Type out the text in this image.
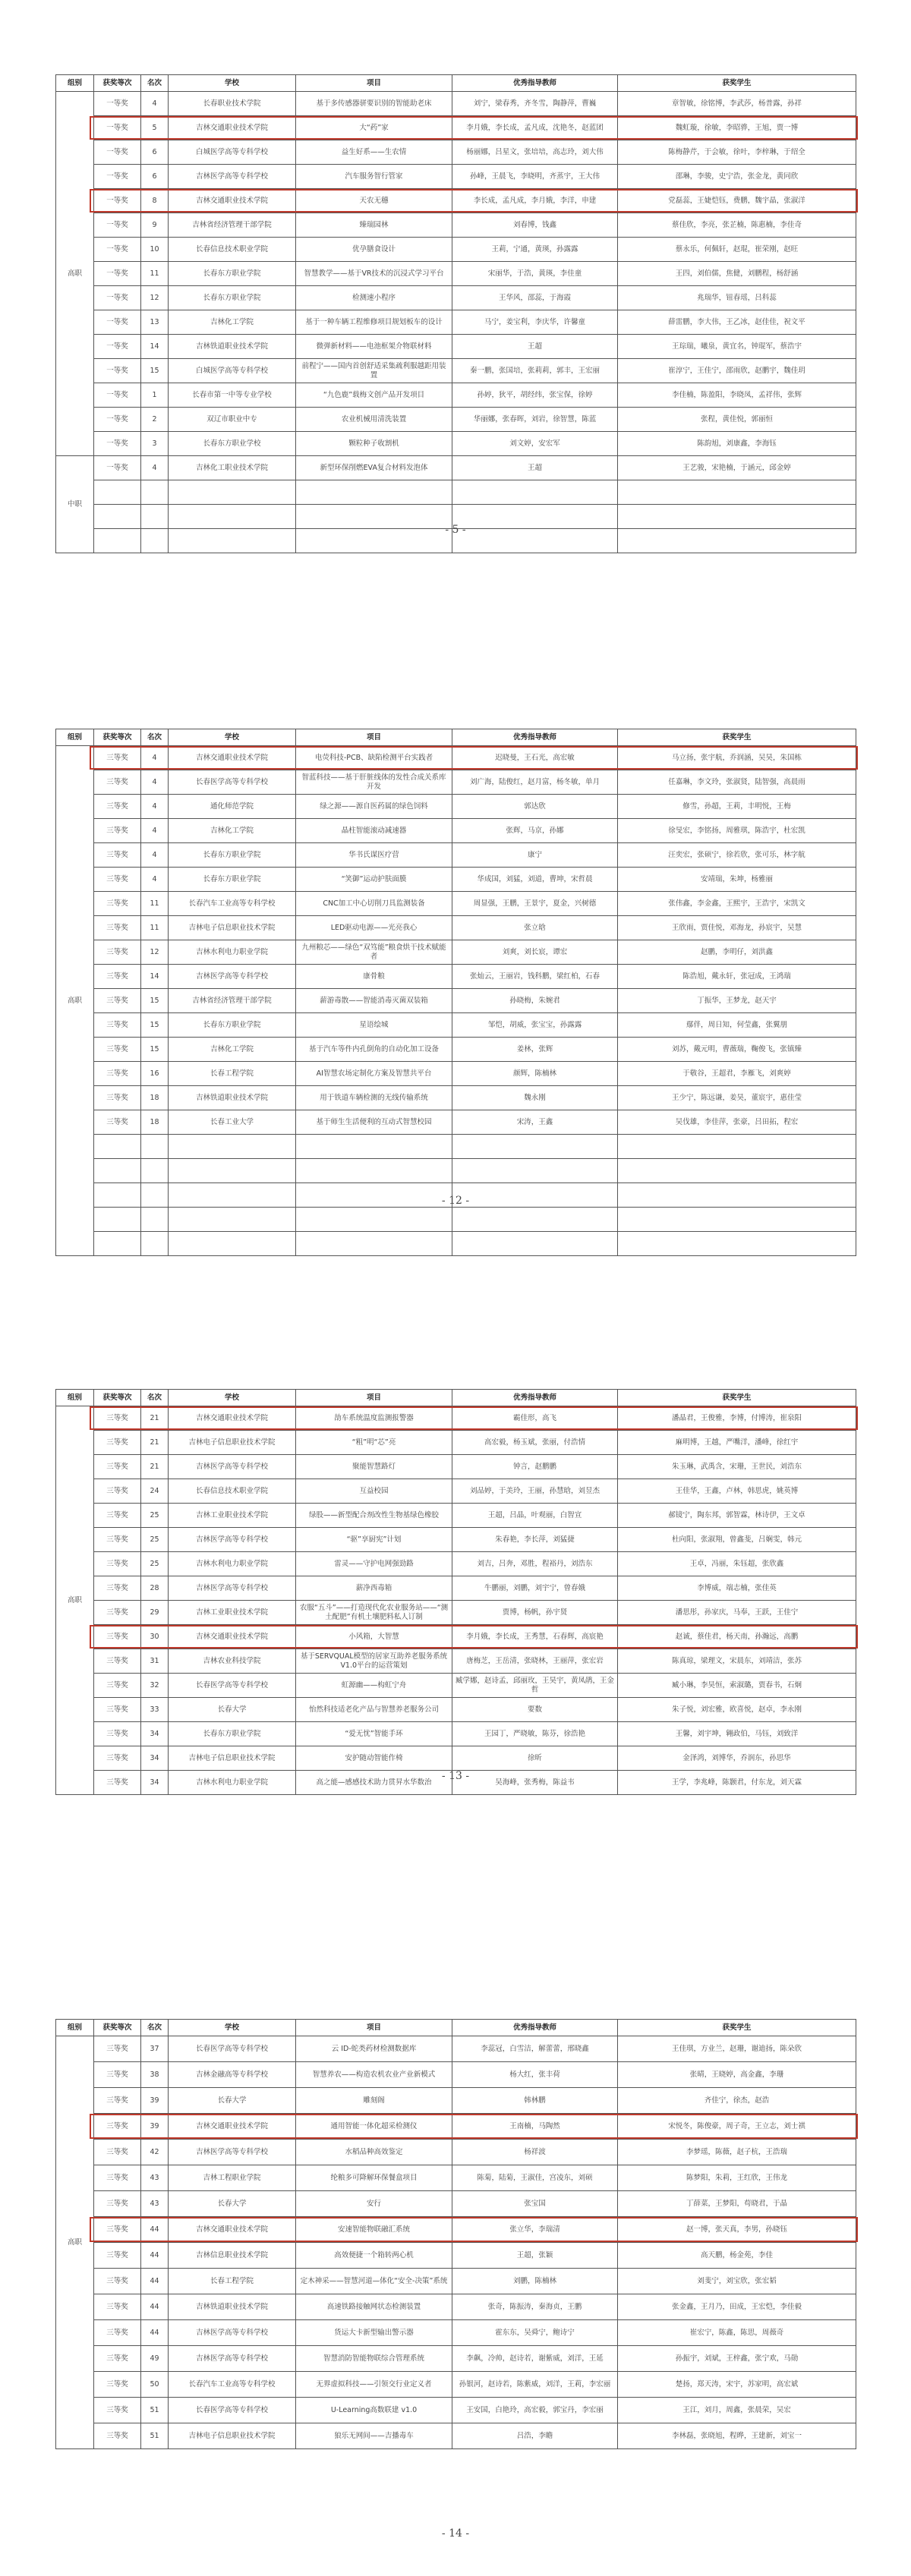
组别	获奖等次	名次	学校	项目	优秀指导教师	获奖学生
高职	一等奖	4	长春职业技术学院	基于多传感器骈要识别的智能助老床	刘宁，梁春秀，齐冬雪，陶静萍，曹巍	章智敏，徐铭博，李武莎，杨普露，孙祥
	一等奖	5	吉林交通职业技术学院	大“药”家	李月娥，李长成，孟凡成，沈艳冬，赵蓝团	魏虹璇，徐敏，李昭骅，王旭，贾一博
	一等奖	6	白城医学高等专科学校	益生好系——生农情	杨丽娜，吕星文，张培培，高志玲，刘大伟	陈梅静芹，于会敏，徐叶，李梓琳，于绍全
	一等奖	6	吉林医学高等专科学校	汽车服务智行管家	孙峰，王晨飞，李晓明，齐蒸宇，王大伟	邵琳，李骏，史宁浩，张金龙，黄同欣
	一等奖	8	吉林交通职业技术学院	天农无穗	李长成，孟凡成，李月娥，李洋，申建	党磊蕊，王婕恺钰，费鹏，魏宇晶，张淑洋
	一等奖	9	吉林省经济管理干部学院	臻瑞园林	刘春博，钱鑫	蔡佳欣，李亮，张芷楠，陈惠楠，李佳奇
	一等奖	10	长春信息技术职业学院	优孕膳食设计	王莉，宁通，黄瑛，孙露露	蔡永乐，何佩轩，赵琨，崔荣刚，赵旺
	一等奖	11	长春东方职业学院	智慧教学——基于VR技术的沉浸式学习平台	宋丽华，于浩，黄瑛，李佳童	王四，刘伯儒，焦健，刘鹏程，杨舒涵
	一等奖	12	长春东方职业学院	检测速小程序	王华风，邵蕊，于海霞	兆瑞华，钮春瑶，吕科蕊
	一等奖	13	吉林化工学院	基于一种车辆工程维修项目规划板车的设计	马宁，姜宝利，李庆华，许馨童	薛雷鹏，李大伟，王乙冰，赵佳佳，祝文平
	一等奖	14	吉林铁道职业技术学院	微弹新材料——电池框架介物联材料	王超	王琮瑞，曦泉，黄宜名，钟琨军，蔡浩宇
	一等奖	15	白城医学高等专科学校	前程宁——国内首创舒适采集疏利服越距用装置	秦一鹏，张国培，张莉莉，郭丰，王宏丽	崔淳宁，王佳宁，邵雨欣，赵鹏宇，魏佳玥
	一等奖	1	长春市第一中等专业学校	“九色鹿”载梅文创产品开发项目	孙婷，狄平，胡经纬，张宝保，徐婷	李佳楠，陈盈阳，李晓凤，孟祥伟，张辉
	一等奖	2	双辽市职业中专	农业机械用清洗装置	华丽娜，张春晖，刘岩，徐智慧，陈蓝	张程，黄佳悦，郭丽恒
	一等奖	3	长春东方职业学校	颗粒种子收割机	刘文婷，安宏军	陈韵旭，刘康鑫，李海钰
中职	一等奖	4	吉林化工职业技术学院	新型环保削燃EVA复合材料发泡体	王超	王艺骏，宋艳楠，于涵元，邱金婷

- 5 -
组别	获奖等次	名次	学校	项目	优秀指导教师	获奖学生
高职	三等奖	4	吉林交通职业技术学院	电荧科技-PCB、缺陷检测平台实践者	迟晓曼，王石光，高宏敏	马立扬，张宇航，乔润涵，吴昊，朱国栋
	三等奖	4	长春医学高等专科学校	智蓝科技——基于肝脏线体的发性合成关系库开发	刘广海，陆俊红，赵月富，杨冬敏，单月	任嘉琳，李文玲，张淑贤，陆智强，高晨雨
	三等奖	4	通化师范学院	绿之源——源自医药属的绿色饲料	郭达欣	修雪，孙超，王莉，丰明悦，王梅
	三等奖	4	吉林化工学院	晶柱智能滚动减速器	张辉，马京，孙娜	徐旻宏，李铭扬，周雅琪，陈浩宇，杜宏凯
	三等奖	4	长春东方职业学院	华书氏谋医疗营	康宁	汪奕宏，张硕宁，徐若欣，张可乐，林字航
	三等奖	4	长春东方职业学院	“笑御”运动护肤面膜	华成国，刘猛，刘道，曹坤，宋哲晨	安靖瑞，朱坤，杨雅丽
	三等奖	11	长春汽车工业高等专科学校	CNC加工中心切削刀具监测装备	周显强，王鹏，王景宇，夏金，兴树德	张伟鑫，李金鑫，王熙宇，王浩宇，宋凯文
	三等奖	11	吉林电子信息职业技术学院	LED驱动电源——光亮我心	张立晗	王欣雨，贾佳悦，邓海龙，孙宸宇，吴慧
	三等奖	12	吉林水利电力职业学院	九州粮芯——绿色“双笃能”粮食烘干技术赋能者	刘爽，刘长宸，谭宏	赵鹏，李明仔，刘洪鑫
	三等奖	14	吉林医学高等专科学校	康骨粮	张灿云，王丽岩，钱科鹏，梁红柏，石春	陈浩旭，戴永轩，张冠成，王鸿瑞
	三等奖	15	吉林省经济管理干部学院	薪游毒散——智能消毒灭菌双装箱	孙晓梅，朱婉君	丁振华，王梦龙，赵天宇
	三等奖	15	长春东方职业学院	星语绘城	邹恺，胡威，张宝宝，孙露露	鄢伴，周日知，何莹鑫，张翼朋
	三等奖	15	吉林化工学院	基于汽车等件内孔倒角的自动化加工设备	姜林，张辉	刘苏，戴元明，曹薇瑞，鞠俊飞，张镇臻
	三等奖	16	长春工程学院	AI智慧农场定制化方案及智慧共平台	颜辉，陈楠林	于敬谷，王超君，李雁飞，刘爽婷
	三等奖	18	吉林铁道职业技术学院	用于铁道车辆检测的无线传输系统	魏永刚	王少宁，陈远谦，姜昊，董宸宇，惠佳莹
	三等奖	18	长春工业大学	基于师生生活便利的互动式智慧校园	宋涛，王鑫	吴伐雄，李佳萍，张豪，吕田拓，程宏

- 12 -
组别	获奖等次	名次	学校	项目	优秀指导教师	获奖学生
高职	三等奖	21	吉林交通职业技术学院	劼车系统温度监测报警器	霸佳形，高飞	潘晶君，王俊雅，李博，付博涛，崔泉阳
	三等奖	21	吉林电子信息职业技术学院	“粗”明“芯”亮	高宏毅，杨玉斌，张丽，付浩情	麻明博，王越，严嘴洋，潘峰，徐红宇
	三等奖	21	吉林医学高等专科学校	聚能智慧路灯	钟言，赵鹏鹏	朱玉琳，武禹含，宋珊，王世民，刘浩东
	三等奖	24	长春信息技术职业学院	互益校园	刘品婷，于美玲，王丽，孙慧晗，刘昱杰	王佳华，王鑫，卢林，韩思虎，姚英博
	三等奖	25	吉林工业职业技术学院	绿股——新型配合剂改性生物基绿色橡胶	王超，吕晶，叶观丽，白智宣	郝镜宁，陶东邦，郭智霖，林诗伊，王文卓
	三等奖	25	吉林医学高等专科学校	“驱”享厨宪”计划	朱春艳，李长萍，刘猛捷	杜向阳，张淑翔，曾鑫斐，吕娴雯，韩元
	三等奖	25	吉林水利电力职业学院	雷灵——守护电网强勁路	刘吉，吕奔，邓胜，程裕丹，刘浩东	王卓，冯丽，朱钰超，张欣鑫
	三等奖	28	吉林医学高等专科学校	薪净西毒箱	牛鹏丽，刘鹏，刘宇宁，曾春娥	李博威，端志楠，张佳英
	三等奖	29	吉林工业职业技术学院	农服“五斗”——打造现代化农业服务站——“测土配肥”有机土壤肥料私人订制	贾博，杨帆，孙宇贤	潘思彤，孙家庆，马奉，王跃，王佳宁
	三等奖	30	吉林交通职业技术学院	小风箱，大智慧	李月娥，李长成，王秀慧，石春辉，高宸艳	赵诚，蔡佳君，杨天南，孙瀚远，高鹏
	三等奖	31	吉林农业科技学院	基于SERVQUAL模型的居家互助养老服务系统V1.0平台的运营策划	唐梅芝，王岳清，张晓林，王丽萍，张宏岩	陈真琼，梁理文，宋晨东，刘靖洁，张苏
	三等奖	32	长春医学高等专科学校	虹源幽——构虹宁舟	臧学娜，赵诗孟，邱丽玫，王昊宇，黄凤鹃，王金哲	臧小琳，李昊恒，索淑璐，贾春书，石炯
	三等奖	33	长春大学	怡然科技适老化产品与智慧养老服务公司	要数	朱子悦，刘宏雅，欧喜悦，赵卓，李永刚
	三等奖	34	长春东方职业学院	“爱无忧”智能手环	王园丁，严晓敏，陈芬，徐浩艳	王馨，刘宇坤，翱政伯，马钰，刘致洋
	三等奖	34	吉林电子信息职业技术学院	安护随动智能作椅	徐昕	金泽鸿，刘博华，乔润东，孙思华
	三等奖	34	吉林水利电力职业学院	高之能—感感技术助力贯昇水华数治	吴海峰，张秀梅，陈益韦	王学，李兆峰，陈颢君，付东龙，刘天霖
- 13 -
组别	获奖等次	名次	学校	项目	优秀指导教师	获奖学生
高职	三等奖	37	长春医学高等专科学校	云 ID-蛇类药材检测数据库	李蕊冠，白雪洁，解蕾蕾，邢晓鑫	王佳琪，方业兰，赵珊，谢迪扬，陈朵欣
	三等奖	38	吉林金融高等专科学校	智慧养农——构造农机农业产业新模式	杨大红，张丰荷	张晴，王晓婷，高金鑫，李珊
	三等奖	39	长春大学	雕刻阁	韩林鹏	齐佳宁，徐杰，赵浩
	三等奖	39	吉林交通职业技术学院	通用智能一体化超采检测仪	王南楠，马陶然	宋悦冬，陈俊豪，周子奇，王立志，刘士祺
	三等奖	42	吉林医学高等专科学校	水稻品种高效鉴定	杨祥波	李梦瑶，陈薇，赵子杭，王浩瑞
	三等奖	43	吉林工程职业学院	纶粮多可降解环保餐盒项目	陈菊，陆菊，王淑佳，宫凌东，刘硕	陈梦阳，朱莉，王红欣，王伟龙
	三等奖	43	长春大学	安行	张宝国	丁薛菜，王梦阳，苟晓君，于晶
	三等奖	44	吉林交通职业技术学院	安速智能物联融汇系统	张立华，李瑞清	赵一博，张天真，李男，孙晓钰
	三等奖	44	吉林信息职业技术学院	高效便捷一个箱转两心机	王超，张颖	高天鹏，杨金苑，李佳
	三等奖	44	长春工程学院	定木神采——智慧河道—体化“安全-决策”系统	刘鹏，陈楠林	刘斐宁，刘宝欣，张宏韬
	三等奖	44	吉林铁道职业技术学院	高速铁路接触网状态检测装置	张奇，陈振涛，秦海贞，王鹏	张金鑫，王月乃，田成，王宏恺，李佳毅
	三等奖	44	吉林医学高等专科学校	货运大卡新型输出警示器	霍东东，吴舜宁，鲍诗宁	崔宏宁，陈鑫，陈思，周薇奇
	三等奖	49	吉林医学高等专科学校	智慧消防智能物联综合管理系统	李飙，冷帅，赵诗若，谢紫威，刘洋，王延	孙振宇，刘斌，王梓鑫，张宁欢，马勋
	三等奖	50	长春汽车工业高等专科学校	无界虚拟科技——引领交行业定义者	孙银河，赵诗若，陈紫威，刘洋，王莉，李宏丽	楚扬，郑天涛，宋宇，苏家明，高宏斌
	三等奖	51	长春医学高等专科学校	U-Learning高数联建 v1.0	王安国，白艳玲，高宏毅，郭宝丹，李宏丽	王江，刘月，周鑫，张晨荣，吴宏
	三等奖	51	吉林电子信息职业技术学院	狼乐无网间——吉播毒车	吕浩，李瞻	李林磊，张晓旭，程晔，王建新，刘宝一
- 14 -
